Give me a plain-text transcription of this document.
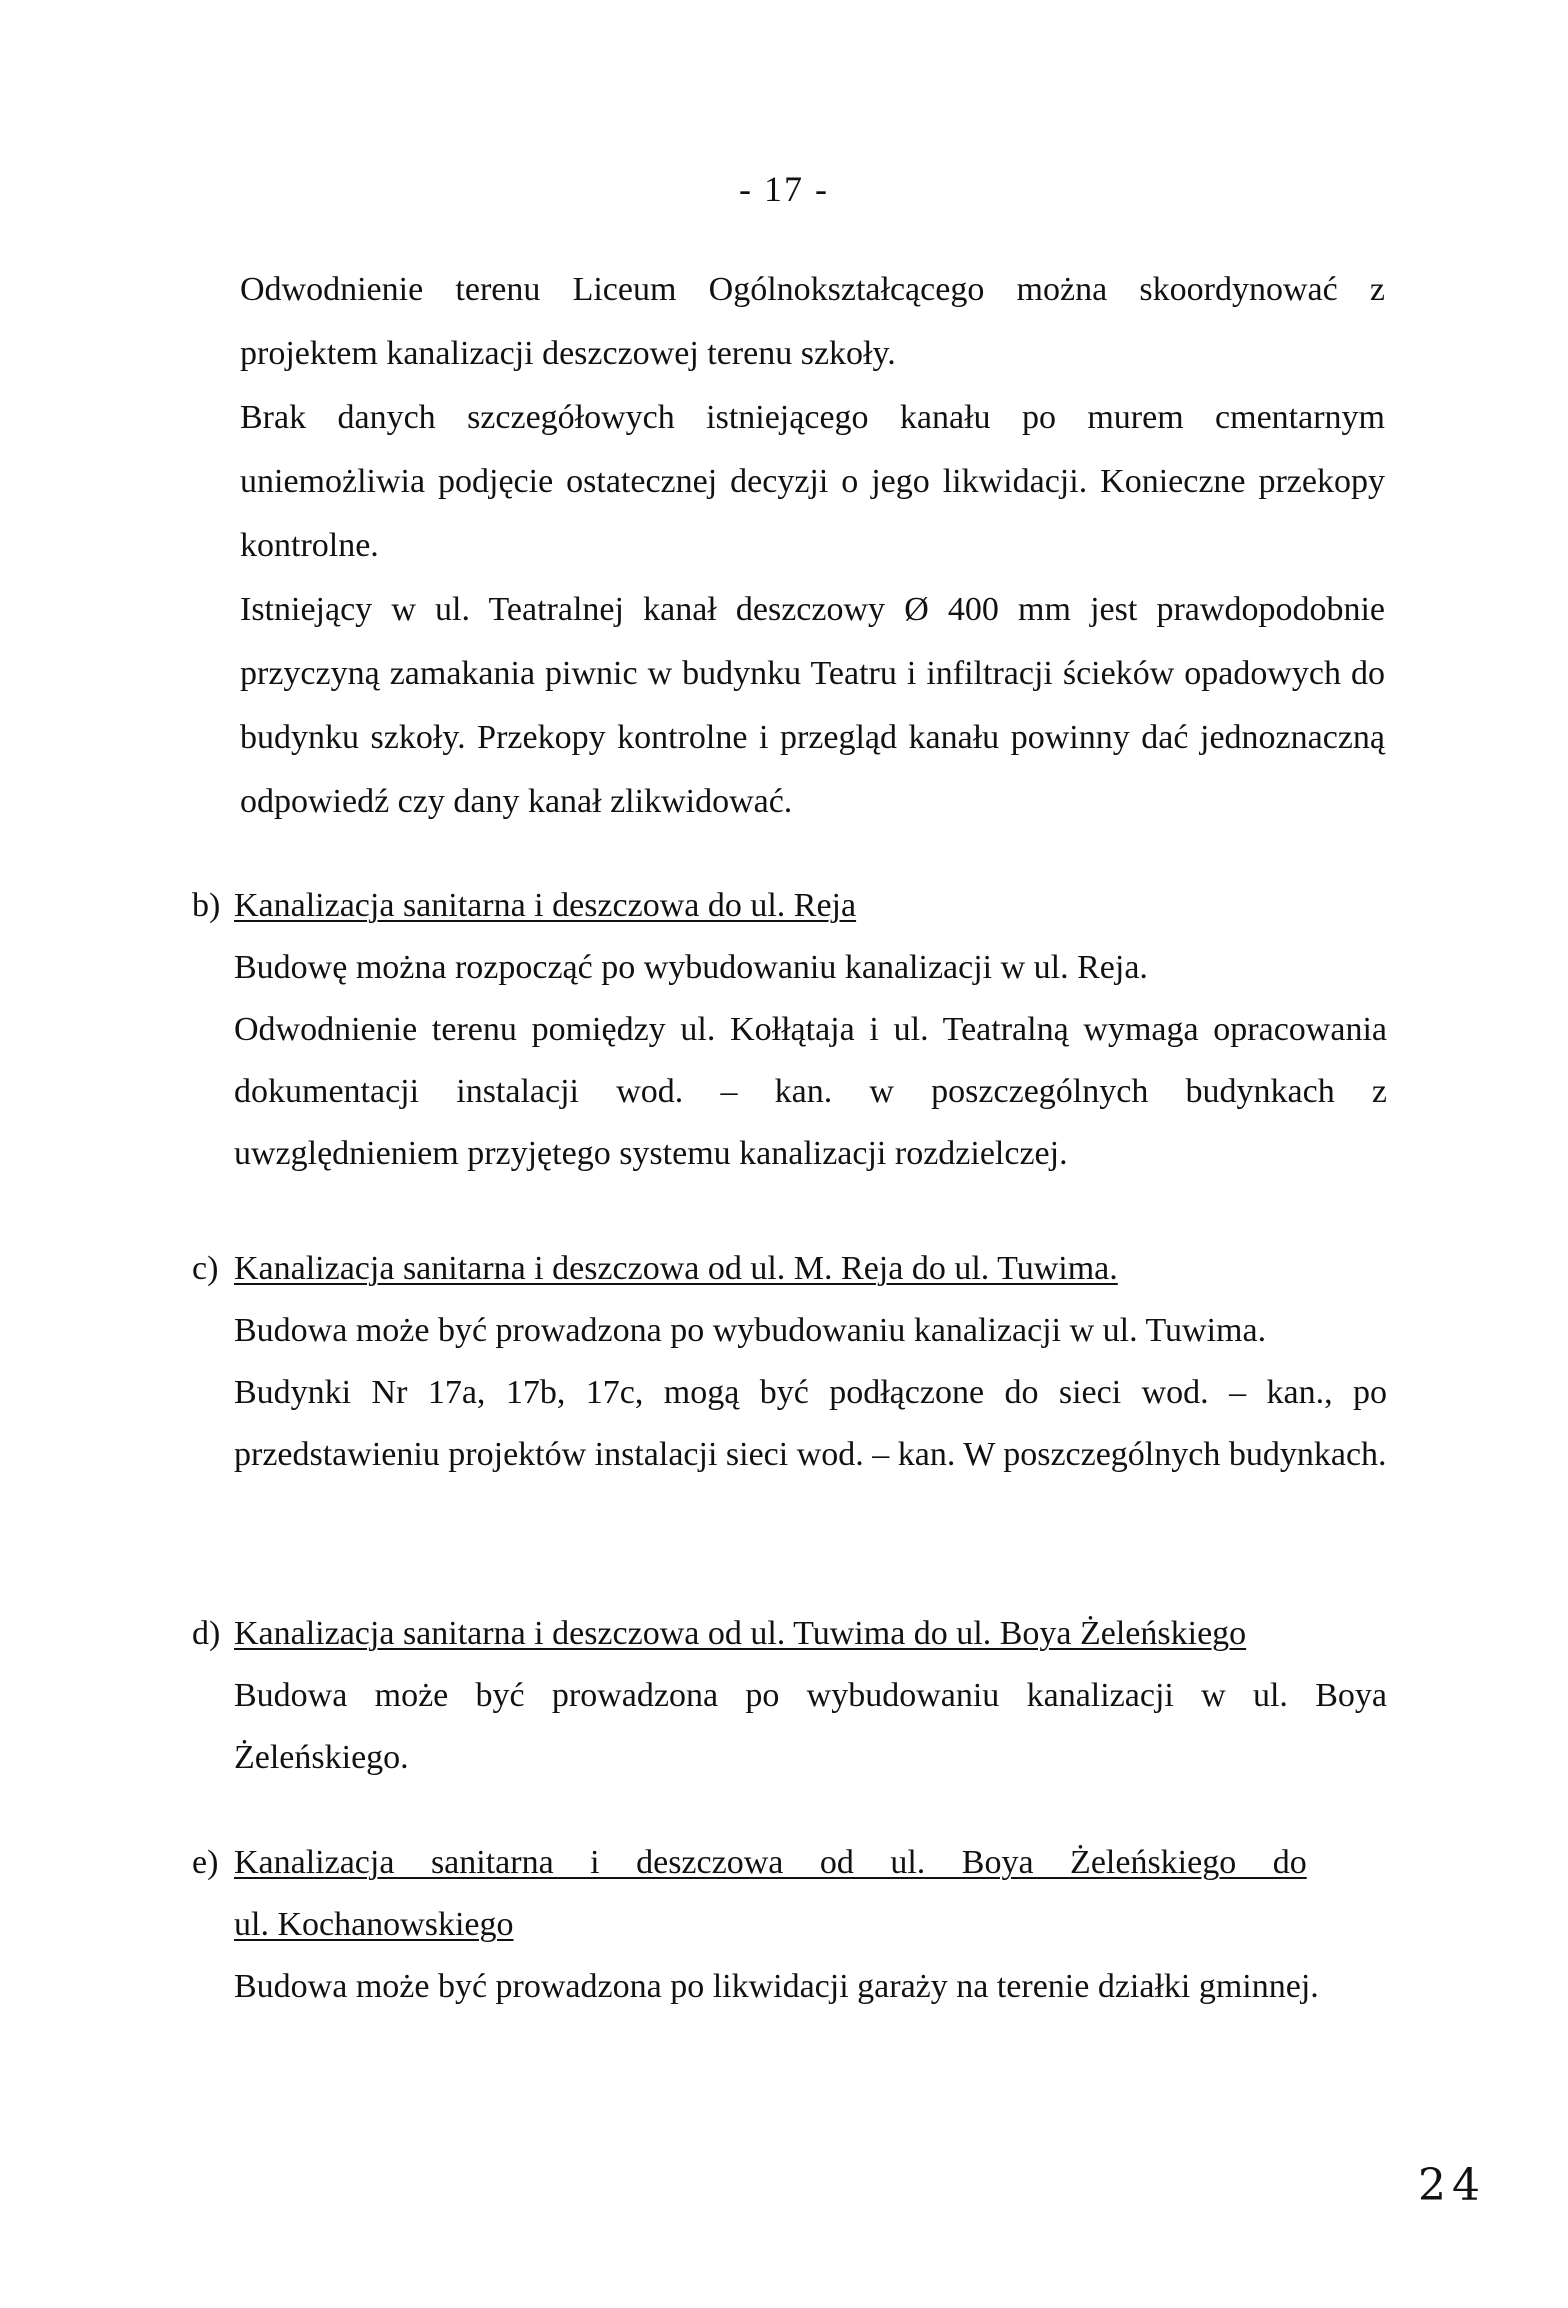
- 17 -

Odwodnienie terenu Liceum Ogólnokształcącego można skoordynować z projektem kanalizacji deszczowej terenu szkoły.

Brak danych szczegółowych istniejącego kanału po murem cmentarnym uniemożliwia podjęcie ostatecznej decyzji o jego likwidacji. Konieczne przekopy kontrolne.

Istniejący w ul. Teatralnej kanał deszczowy Ø 400 mm jest prawdopodobnie przyczyną zamakania piwnic w budynku Teatru i infiltracji ścieków opadowych do budynku szkoły. Przekopy kontrolne i przegląd kanału powinny dać jednoznaczną odpowiedź czy dany kanał zlikwidować.

b) Kanalizacja sanitarna i deszczowa do ul. Reja

Budowę można rozpocząć po wybudowaniu kanalizacji w ul. Reja.

Odwodnienie terenu pomiędzy ul. Kołłątaja i ul. Teatralną wymaga opracowania dokumentacji instalacji wod. – kan. w poszczególnych budynkach z uwzględnieniem przyjętego systemu kanalizacji rozdzielczej.

c) Kanalizacja sanitarna i deszczowa od ul. M. Reja do ul. Tuwima.

Budowa może być prowadzona po wybudowaniu kanalizacji w ul. Tuwima.

Budynki Nr 17a, 17b, 17c, mogą być podłączone do sieci wod. – kan., po przedstawieniu projektów instalacji sieci wod. – kan. W poszczególnych budynkach.

d) Kanalizacja sanitarna i deszczowa od ul. Tuwima do ul. Boya Żeleńskiego

Budowa może być prowadzona po wybudowaniu kanalizacji w ul. Boya Żeleńskiego.

e) Kanalizacja sanitarna i deszczowa od ul. Boya Żeleńskiego do
ul. Kochanowskiego

Budowa może być prowadzona po likwidacji garaży na terenie działki gminnej.

24
